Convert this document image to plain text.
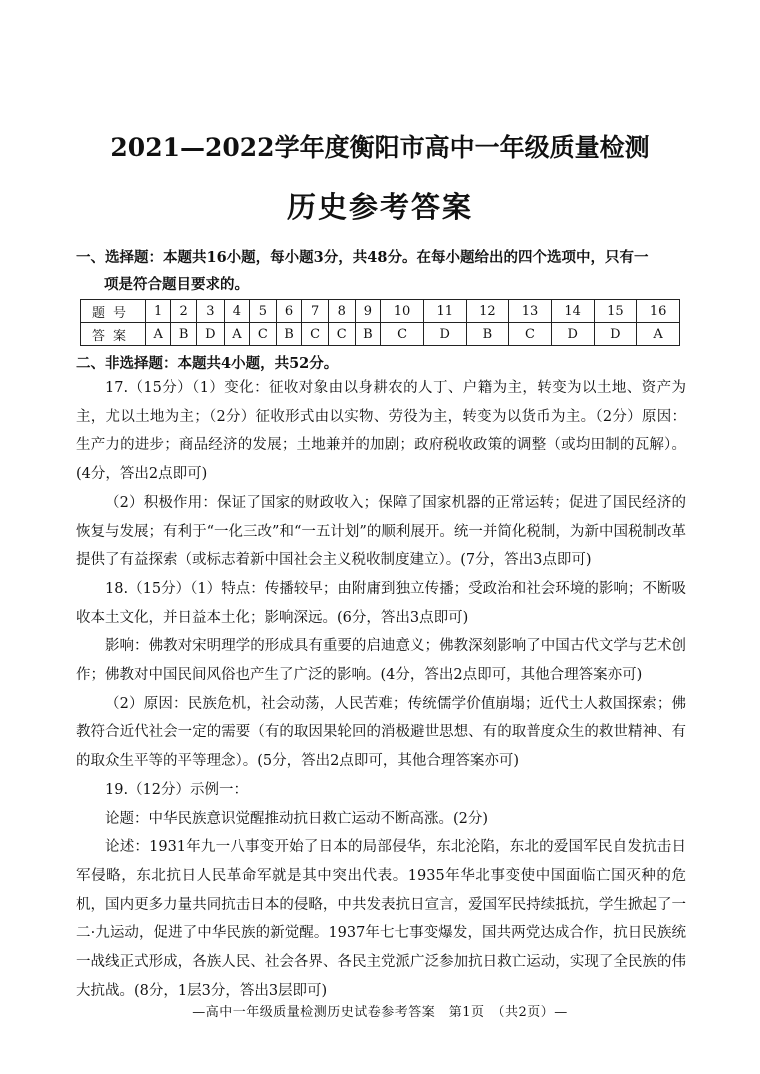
2021—2022学年度衡阳市高中一年级质量检测
历史参考答案
一、选择题：本题共16小题，每小题3分，共48分。在每小题给出的四个选项中，只有一
项是符合题目要求的。
题号	1	2	3	4	5	6	7	8	9	10	11	12	13	14	15	16
答案	A	B	D	A	C	B	C	C	B	C	D	B	C	D	D	A
二、非选择题：本题共4小题，共52分。

17.（15分）（1）变化：征收对象由以身耕农的人丁、户籍为主，转变为以土地、资产为主，尤以土地为主；（2分）征收形式由以实物、劳役为主，转变为以货币为主。（2分）原因：生产力的进步；商品经济的发展；土地兼并的加剧；政府税收政策的调整（或均田制的瓦解）。(4分，答出2点即可)

（2）积极作用：保证了国家的财政收入；保障了国家机器的正常运转；促进了国民经济的恢复与发展；有利于“一化三改”和“一五计划”的顺利展开。统一并简化税制，为新中国税制改革提供了有益探索（或标志着新中国社会主义税收制度建立）。(7分，答出3点即可)

18.（15分）（1）特点：传播较早；由附庸到独立传播；受政治和社会环境的影响；不断吸收本土文化，并日益本土化；影响深远。(6分，答出3点即可)

影响：佛教对宋明理学的形成具有重要的启迪意义；佛教深刻影响了中国古代文学与艺术创作；佛教对中国民间风俗也产生了广泛的影响。(4分，答出2点即可，其他合理答案亦可)

（2）原因：民族危机，社会动荡，人民苦难；传统儒学价值崩塌；近代士人救国探索；佛教符合近代社会一定的需要（有的取因果轮回的消极避世思想、有的取普度众生的救世精神、有的取众生平等的平等理念）。(5分，答出2点即可，其他合理答案亦可)

19.（12分）示例一：

论题：中华民族意识觉醒推动抗日救亡运动不断高涨。(2分)

论述：1931年九一八事变开始了日本的局部侵华，东北沦陷，东北的爱国军民自发抗击日军侵略，东北抗日人民革命军就是其中突出代表。1935年华北事变使中国面临亡国灭种的危机，国内更多力量共同抗击日本的侵略，中共发表抗日宣言，爱国军民持续抵抗，学生掀起了一二·九运动，促进了中华民族的新觉醒。1937年七七事变爆发，国共两党达成合作，抗日民族统一战线正式形成，各族人民、社会各界、各民主党派广泛参加抗日救亡运动，实现了全民族的伟大抗战。(8分，1层3分，答出3层即可)

—高中一年级质量检测历史试卷参考答案　第1页　（共2页）—
